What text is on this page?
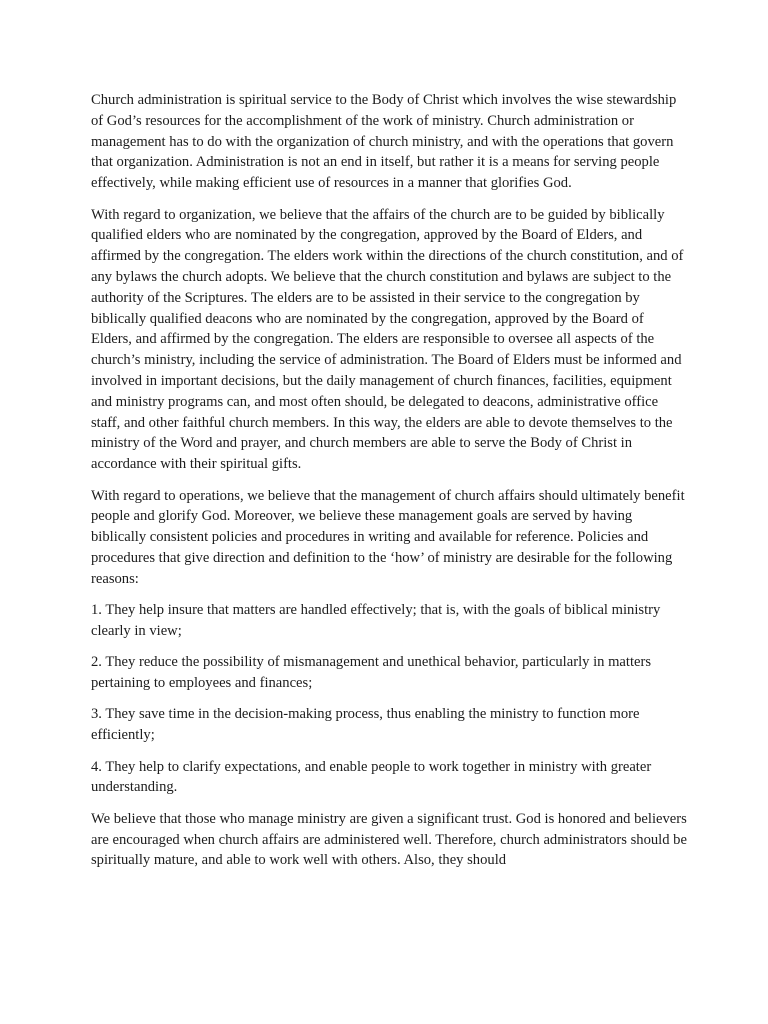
Church administration is spiritual service to the Body of Christ which involves the wise stewardship of God’s resources for the accomplishment of the work of ministry. Church administration or management has to do with the organization of church ministry, and with the operations that govern that organization. Administration is not an end in itself, but rather it is a means for serving people effectively, while making efficient use of resources in a manner that glorifies God.

With regard to organization, we believe that the affairs of the church are to be guided by biblically qualified elders who are nominated by the congregation, approved by the Board of Elders, and affirmed by the congregation. The elders work within the directions of the church constitution, and of any bylaws the church adopts. We believe that the church constitution and bylaws are subject to the authority of the Scriptures. The elders are to be assisted in their service to the congregation by biblically qualified deacons who are nominated by the congregation, approved by the Board of Elders, and affirmed by the congregation. The elders are responsible to oversee all aspects of the church’s ministry, including the service of administration. The Board of Elders must be informed and involved in important decisions, but the daily management of church finances, facilities, equipment and ministry programs can, and most often should, be delegated to deacons, administrative office staff, and other faithful church members. In this way, the elders are able to devote themselves to the ministry of the Word and prayer, and church members are able to serve the Body of Christ in accordance with their spiritual gifts.

With regard to operations, we believe that the management of church affairs should ultimately benefit people and glorify God. Moreover, we believe these management goals are served by having biblically consistent policies and procedures in writing and available for reference. Policies and procedures that give direction and definition to the ‘how’ of ministry are desirable for the following reasons:

1. They help insure that matters are handled effectively; that is, with the goals of biblical ministry clearly in view;

2. They reduce the possibility of mismanagement and unethical behavior, particularly in matters pertaining to employees and finances;

3. They save time in the decision-making process, thus enabling the ministry to function more efficiently;

4. They help to clarify expectations, and enable people to work together in ministry with greater understanding.

We believe that those who manage ministry are given a significant trust. God is honored and believers are encouraged when church affairs are administered well. Therefore, church administrators should be spiritually mature, and able to work well with others. Also, they should
